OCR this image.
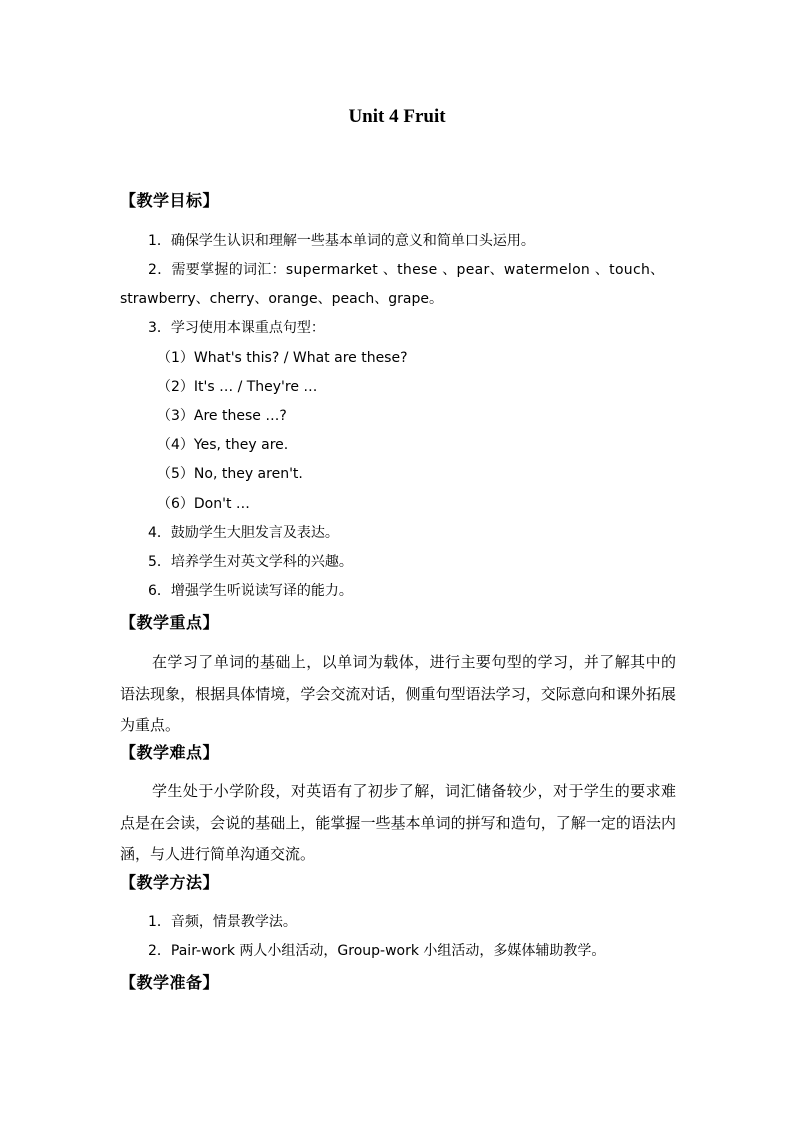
Unit 4 Fruit
【教学目标】
1．确保学生认识和理解一些基本单词的意义和简单口头运用。
2．需要掌握的词汇：supermarket 、these 、pear、watermelon 、touch、
strawberry、cherry、orange、peach、grape。
3．学习使用本课重点句型：
（1）What's this? / What are these?
（2）It's … / They're …
（3）Are these …?
（4）Yes, they are.
（5）No, they aren't.
（6）Don't …
4．鼓励学生大胆发言及表达。
5．培养学生对英文学科的兴趣。
6．增强学生听说读写译的能力。
【教学重点】
在学习了单词的基础上，以单词为载体，进行主要句型的学习，并了解其中的语法现象，根据具体情境，学会交流对话，侧重句型语法学习，交际意向和课外拓展为重点。
【教学难点】
学生处于小学阶段，对英语有了初步了解，词汇储备较少，对于学生的要求难点是在会读，会说的基础上，能掌握一些基本单词的拼写和造句，了解一定的语法内涵，与人进行简单沟通交流。
【教学方法】
1．音频，情景教学法。
2．Pair-work 两人小组活动，Group-work 小组活动，多媒体辅助教学。
【教学准备】
